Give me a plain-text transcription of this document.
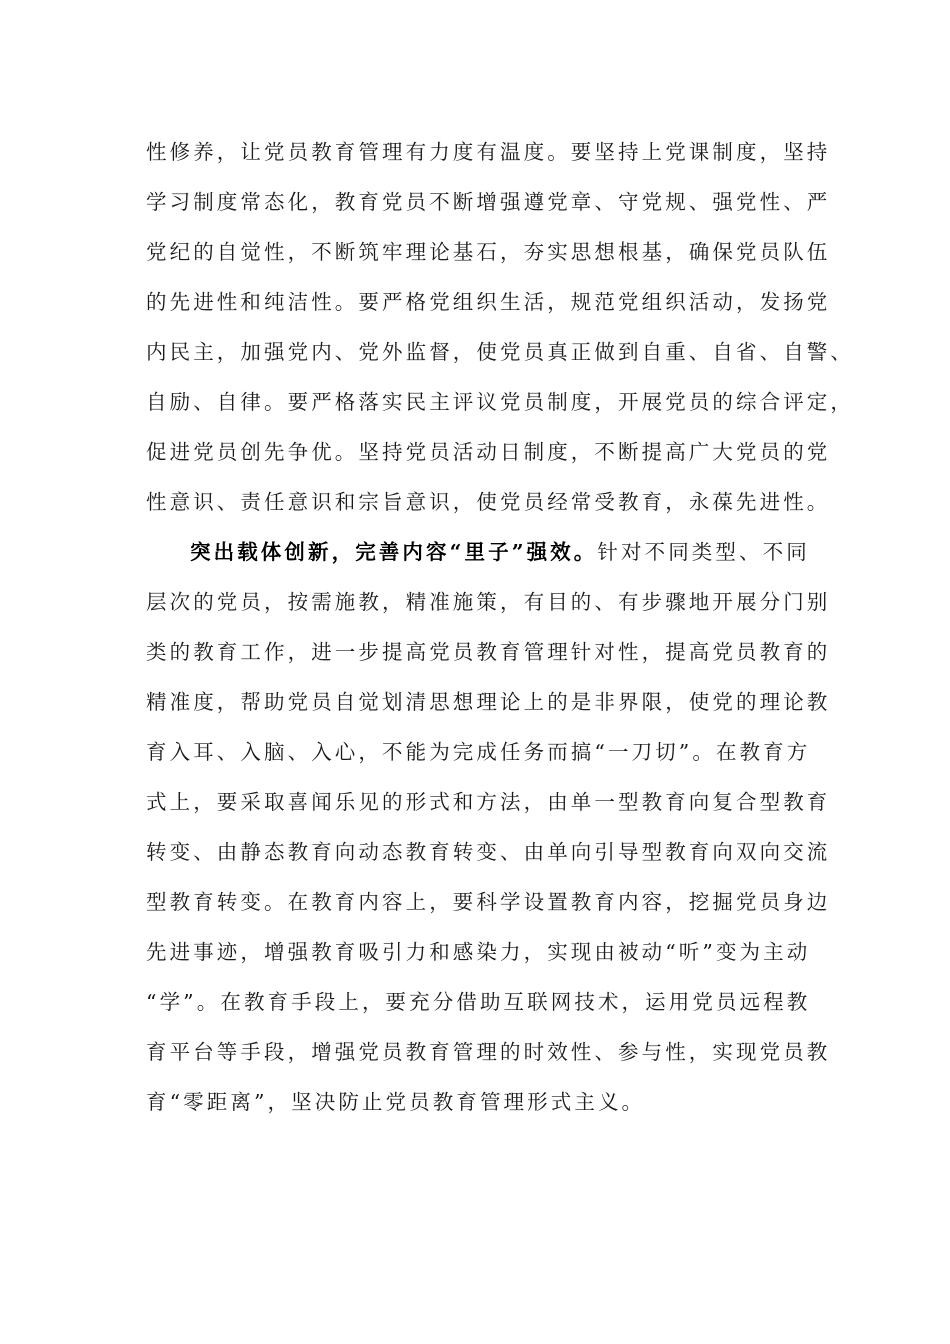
性修养，让党员教育管理有力度有温度。要坚持上党课制度，坚持
学习制度常态化，教育党员不断增强遵党章、守党规、强党性、严
党纪的自觉性，不断筑牢理论基石，夯实思想根基，确保党员队伍
的先进性和纯洁性。要严格党组织生活，规范党组织活动，发扬党
内民主，加强党内、党外监督，使党员真正做到自重、自省、自警、
自励、自律。要严格落实民主评议党员制度，开展党员的综合评定，
促进党员创先争优。坚持党员活动日制度，不断提高广大党员的党
性意识、责任意识和宗旨意识，使党员经常受教育，永葆先进性。
突出载体创新，完善内容“里子”强效。针对不同类型、不同
层次的党员，按需施教，精准施策，有目的、有步骤地开展分门别
类的教育工作，进一步提高党员教育管理针对性，提高党员教育的
精准度，帮助党员自觉划清思想理论上的是非界限，使党的理论教
育入耳、入脑、入心，不能为完成任务而搞“一刀切”。在教育方
式上，要采取喜闻乐见的形式和方法，由单一型教育向复合型教育
转变、由静态教育向动态教育转变、由单向引导型教育向双向交流
型教育转变。在教育内容上，要科学设置教育内容，挖掘党员身边
先进事迹，增强教育吸引力和感染力，实现由被动“听”变为主动
“学”。在教育手段上，要充分借助互联网技术，运用党员远程教
育平台等手段，增强党员教育管理的时效性、参与性，实现党员教
育“零距离”，坚决防止党员教育管理形式主义。
